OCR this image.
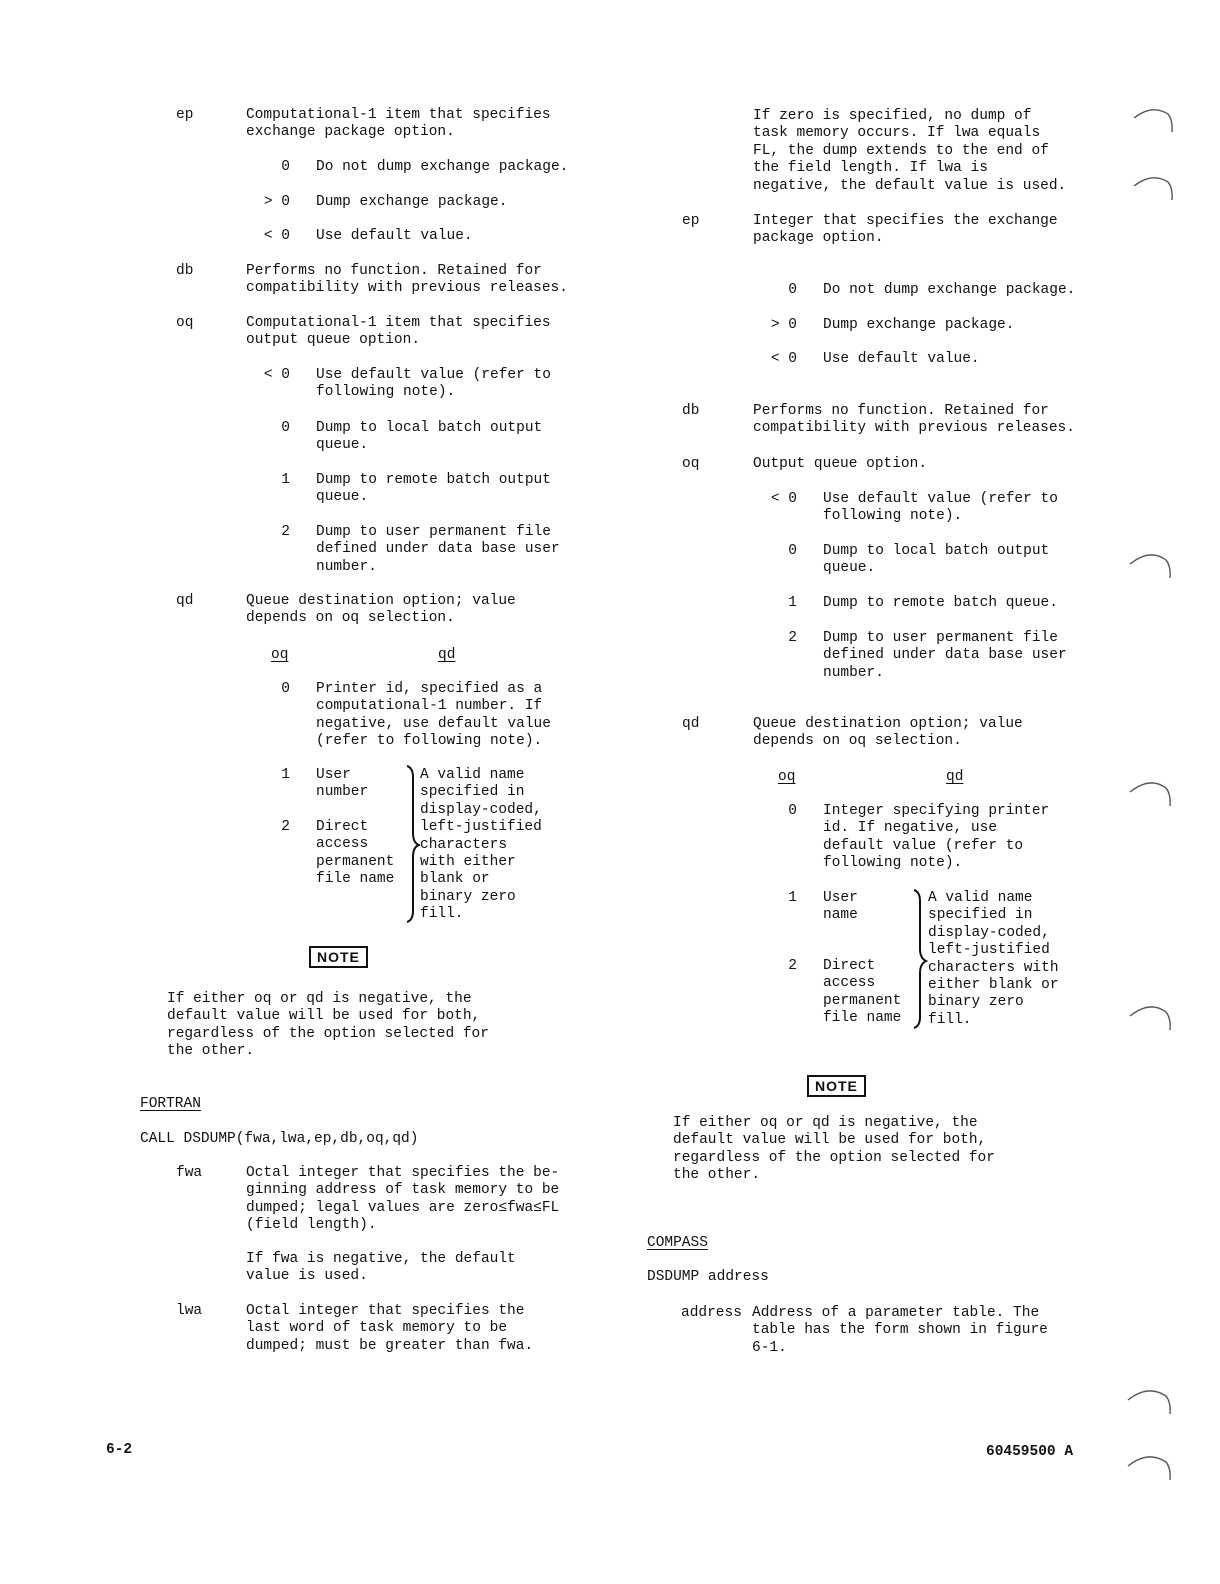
ep	Computational-1 item that specifies
exchange package option.
0 Do not dump exchange package.
> 0 Dump exchange package.
< 0 Use default value.
db	Performs no function. Retained for
compatibility with previous releases.
oq	Computational-1 item that specifies
output queue option.
< 0 Use default value (refer to
following note).
0 Dump to local batch output
queue.
1 Dump to remote batch output
queue.
2 Dump to user permanent file
defined under data base user
number.
qd	Queue destination option; value
depends on oq selection.
oq	qd
0 Printer id, specified as a
computational-1 number. If
negative, use default value
(refer to following note).
1 User
number
2 Direct
access
permanent
file name
A valid name
specified in
display-coded,
left-justified
characters
with either
blank or
binary zero
fill.
NOTE
If either oq or qd is negative, the
default value will be used for both,
regardless of the option selected for
the other.
FORTRAN
CALL DSDUMP(fwa,lwa,ep,db,oq,qd)
fwa	Octal integer that specifies the be-
ginning address of task memory to be
dumped; legal values are zero≤fwa≤FL
(field length).
If fwa is negative, the default
value is used.
lwa	Octal integer that specifies the
last word of task memory to be
dumped; must be greater than fwa.
If zero is specified, no dump of
task memory occurs. If lwa equals
FL, the dump extends to the end of
the field length. If lwa is
negative, the default value is used.
ep	Integer that specifies the exchange
package option.
0 Do not dump exchange package.
> 0 Dump exchange package.
< 0 Use default value.
db	Performs no function. Retained for
compatibility with previous releases.
oq	Output queue option.
< 0 Use default value (refer to
following note).
0 Dump to local batch output
queue.
1 Dump to remote batch queue.
2 Dump to user permanent file
defined under data base user
number.
qd	Queue destination option; value
depends on oq selection.
oq	qd
0 Integer specifying printer
id. If negative, use
default value (refer to
following note).
1 User
name
2 Direct
access
permanent
file name
A valid name
specified in
display-coded,
left-justified
characters with
either blank or
binary zero
fill.
NOTE
If either oq or qd is negative, the
default value will be used for both,
regardless of the option selected for
the other.
COMPASS
DSDUMP address
address Address of a parameter table. The
table has the form shown in figure
6-1.
6-2	60459500 A
